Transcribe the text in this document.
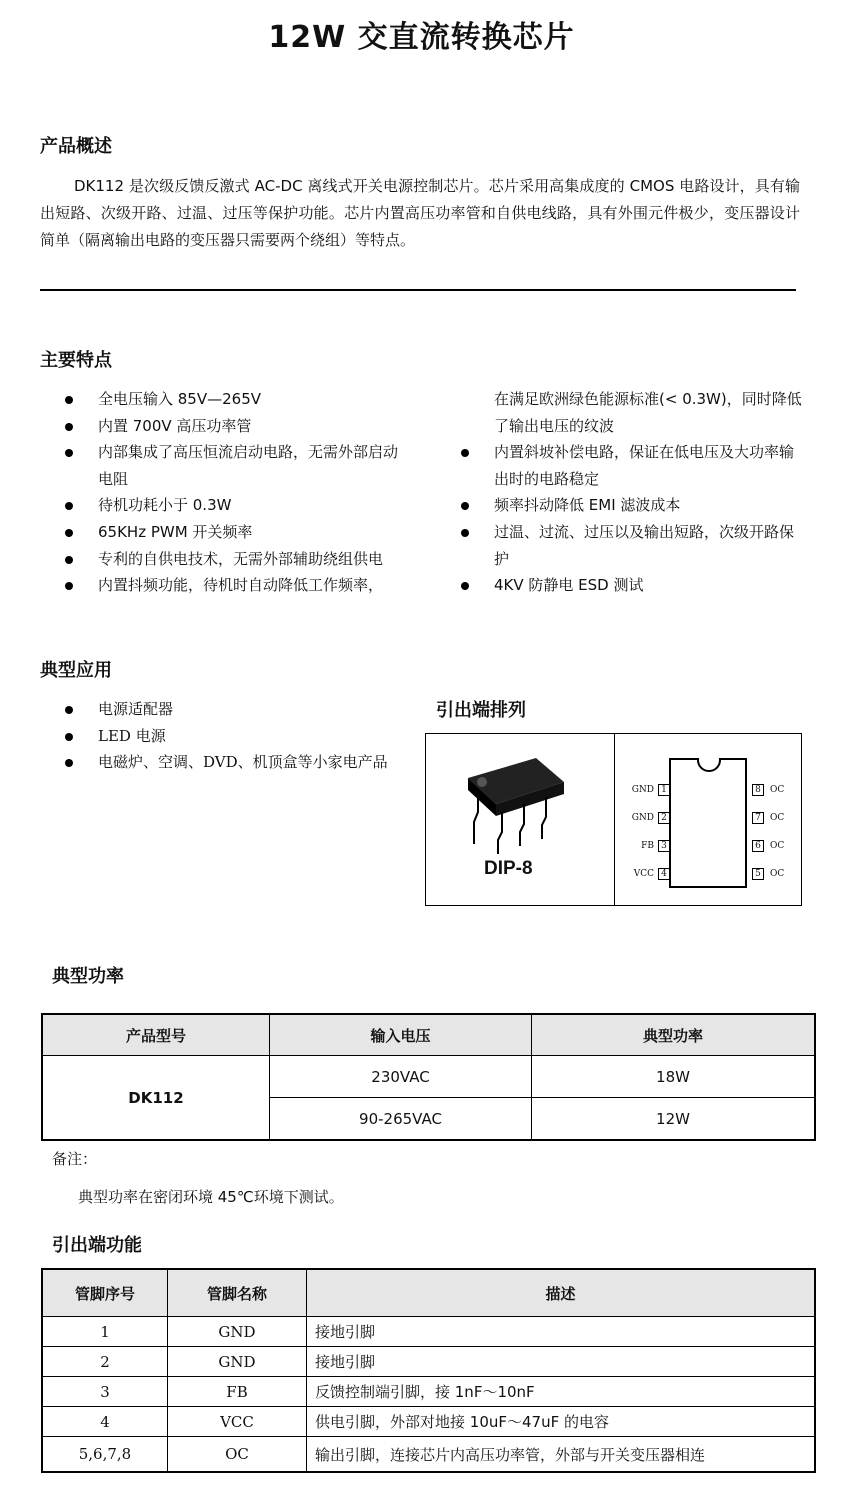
12W 交直流转换芯片
产品概述
DK112 是次级反馈反激式 AC-DC 离线式开关电源控制芯片。芯片采用高集成度的 CMOS 电路设计，具有输出短路、次级开路、过温、过压等保护功能。芯片内置高压功率管和自供电线路，具有外围元件极少，变压器设计简单（隔离输出电路的变压器只需要两个绕组）等特点。
主要特点
全电压输入 85V—265V
内置 700V 高压功率管
内部集成了高压恒流启动电路，无需外部启动电阻
待机功耗小于 0.3W
65KHz PWM 开关频率
专利的自供电技术，无需外部辅助绕组供电
内置抖频功能，待机时自动降低工作频率，
在满足欧洲绿色能源标准(< 0.3W)，同时降低了输出电压的纹波
内置斜坡补偿电路，保证在低电压及大功率输出时的电路稳定
频率抖动降低 EMI 滤波成本
过温、过流、过压以及输出短路，次级开路保护
4KV 防静电 ESD 测试
典型应用
电源适配器
LED 电源
电磁炉、空调、DVD、机顶盒等小家电产品
引出端排列
DIP-8
GND 1
GND 2
FB 3
VCC 4
8	OC
7	OC
6	OC
5	OC
典型功率
产品型号	输入电压	典型功率
DK112	230VAC	18W
	90-265VAC	12W
备注：
典型功率在密闭环境 45℃环境下测试。
引出端功能
管脚序号	管脚名称	描述
1	GND	接地引脚
2	GND	接地引脚
3	FB	反馈控制端引脚，接 1nF～10nF
4	VCC	供电引脚，外部对地接 10uF～47uF 的电容
5,6,7,8	OC	输出引脚，连接芯片内高压功率管，外部与开关变压器相连
